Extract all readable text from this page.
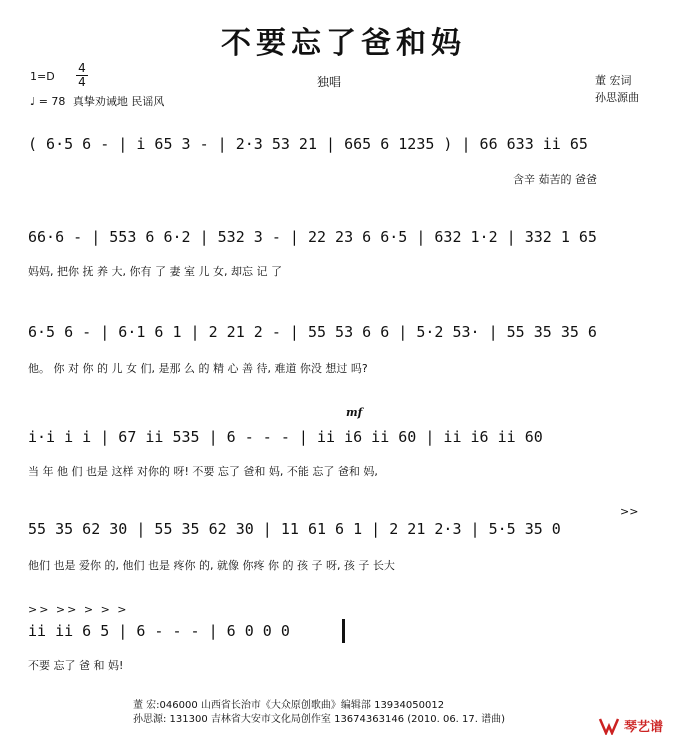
不要忘了爸和妈
1=D
4
4
♩ = 78 真挚劝诫地 民谣风
独唱	董 宏词
孙思源曲
( 6·5 6 - | i 65 3 - | 2·3 53 21 | 665 6 1235 ) | 66 633 ii 65
含辛 茹苦的 爸爸
66·6 - | 553 6 6·2 | 532 3 - | 22 23 6 6·5 | 632 1·2 | 332 1 65
妈妈, 把你 抚 养 大, 你有 了 妻 室 儿 女, 却忘 记 了
6·5 6 - | 6·1 6 1 | 2 21 2 - | 55 53 6 6 | 5·2 53· | 55 35 35 6
他。 你 对 你 的 儿 女 们, 是那 么 的 精 心 善 待, 难道 你没 想过 吗?
mf
i·i i i | 67 ii 535 | 6 - - - | ii i6 ii 60 | ii i6 ii 60
当 年 他 们 也是 这样 对你的 呀! 不要 忘了 爸和 妈, 不能 忘了 爸和 妈,
>>
55 35 62 30 | 55 35 62 30 | 11 61 6 1 | 2 21 2·3 | 5·5 35 0
他们 也是 爱你 的, 他们 也是 疼你 的, 就像 你疼 你 的 孩 子 呀, 孩 子 长大
>> >> > > >
ii ii 6 5 | 6 - - - | 6 0 0 0
不要 忘了 爸 和 妈!
董 宏:046000 山西省长治市《大众原创歌曲》编辑部 13934050012
孙思源: 131300 吉林省大安市文化局创作室 13674363146 (2010. 06. 17. 谱曲)
琴艺谱
